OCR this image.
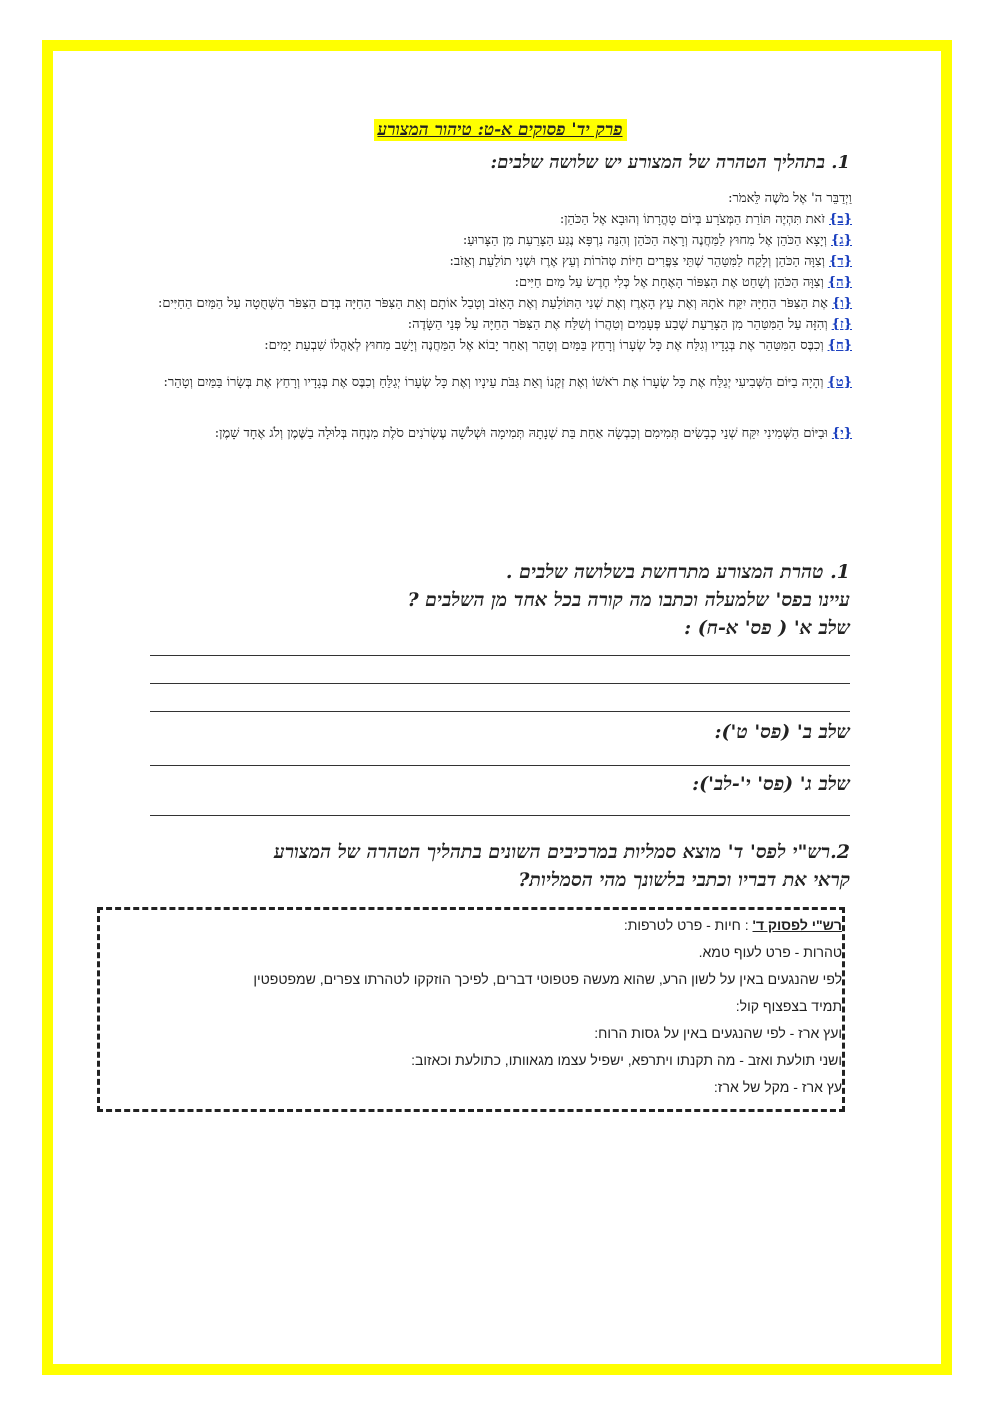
פרק יד' פסוקים א-ט: טיהור המצורע
1. בתהליך הטהרה של המצורע יש שלושה שלבים:

וַיְדַבֵּר ה' אֶל מֹשֶׁה לֵּאמֹר:

{ב}זֹאת תִּהְיֶה תּוֹרַת הַמְּצֹרָע בְּיוֹם טָהֳרָתוֹ וְהוּבָא אֶל הַכֹּהֵן:

{ג}וְיָצָא הַכֹּהֵן אֶל מִחוּץ לַמַּחֲנֶה וְרָאָה הַכֹּהֵן וְהִנֵּה נִרְפָּא נֶגַע הַצָּרַעַת מִן הַצָּרוּעַ:

{ד}וְצִוָּה הַכֹּהֵן וְלָקַח לַמִּטַּהֵר שְׁתֵּי צִפֳּרִים חַיּוֹת טְהֹרוֹת וְעֵץ אֶרֶז וּשְׁנִי תוֹלַעַת וְאֵזֹב:

{ה}וְצִוָּה הַכֹּהֵן וְשָׁחַט אֶת הַצִּפּוֹר הָאֶחָת אֶל כְּלִי חֶרֶשׂ עַל מַיִם חַיִּים:

{ו}אֶת הַצִּפֹּר הַחַיָּה יִקַּח אֹתָהּ וְאֶת עֵץ הָאֶרֶז וְאֶת שְׁנִי הַתּוֹלַעַת וְאֶת הָאֵזֹב וְטָבַל אוֹתָם וְאֵת הַצִּפֹּר הַחַיָּה בְּדַם הַצִּפֹּר הַשְּׁחֻטָה עַל הַמַּיִם הַחַיִּים:

{ז}וְהִזָּה עַל הַמִּטַּהֵר מִן הַצָּרַעַת שֶׁבַע פְּעָמִים וְטִהֲרוֹ וְשִׁלַּח אֶת הַצִּפֹּר הַחַיָּה עַל פְּנֵי הַשָּׂדֶה:

{ח}וְכִבֶּס הַמִּטַּהֵר אֶת בְּגָדָיו וְגִלַּח אֶת כָּל שְׂעָרוֹ וְרָחַץ בַּמַּיִם וְטָהֵר וְאַחַר יָבוֹא אֶל הַמַּחֲנֶה וְיָשַׁב מִחוּץ לְאָהֳלוֹ שִׁבְעַת יָמִים:

{ט}וְהָיָה בַיּוֹם הַשְּׁבִיעִי יְגַלַּח אֶת כָּל שְׂעָרוֹ אֶת רֹאשׁוֹ וְאֶת זְקָנוֹ וְאֵת גַּבֹּת עֵינָיו וְאֶת כָּל שְׂעָרוֹ יְגַלֵּחַ וְכִבֶּס אֶת בְּגָדָיו וְרָחַץ אֶת בְּשָׂרוֹ בַּמַּיִם וְטָהֵר:

{י}וּבַיּוֹם הַשְּׁמִינִי יִקַּח שְׁנֵי כְבָשִׂים תְּמִימִם וְכַבְשָׂה אַחַת בַּת שְׁנָתָהּ תְּמִימָה וּשְׁלֹשָׁה עֶשְׂרֹנִים סֹלֶת מִנְחָה בְּלוּלָה בַשֶּׁמֶן וְלֹג אֶחָד שָׁמֶן:

1. טהרת המצורע מתרחשת בשלושה שלבים .
עיינו בפס' שלמעלה וכתבו מה קורה בכל אחד מן השלבים ?
שלב א' ( פס' א-ח) :
שלב ב' (פס' ט'):
שלב ג' (פס' י'-לב'):
2.רש"י לפס' ד' מוצא סמליות במרכיבים השונים בתהליך הטהרה של המצורע
קראי את דבריו וכתבי בלשונך מהי הסמליות?

רש"י לפסוק ד' : חיות - פרט לטרפות:

טהרות - פרט לעוף טמא.

לפי שהנגעים באין על לשון הרע, שהוא מעשה פטפוטי דברים, לפיכך הוזקקו לטהרתו צפרים, שמפטפטין

תמיד בצפצוף קול:

ועץ ארז - לפי שהנגעים באין על גסות הרוח:

ושני תולעת ואזב - מה תקנתו ויתרפא, ישפיל עצמו מגאוותו, כתולעת וכאזוב:

עץ ארז - מקל של ארז:
